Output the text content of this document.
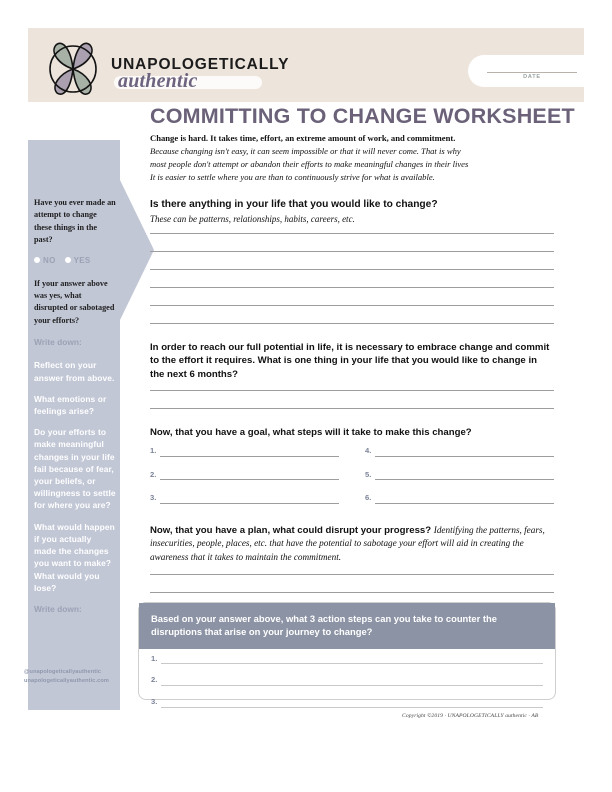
DATE
UNAPOLOGETICALLY
authentic
COMMITTING TO CHANGE WORKSHEET
Have you ever made an attempt to change these things in the past?
NO YES
If your answer above was yes, what disrupted or sabotaged your efforts?
Write down:
Reflect on your answer from above.
What emotions or feelings arise?
Do your efforts to make meaningful changes in your life fail because of fear, your beliefs, or willingness to settle for where you are?
What would happen if you actually made the changes you want to make? What would you lose?
Write down:
@unapologeticallyauthentic
unapologeticallyauthentic.com
Change is hard. It takes time, effort, an extreme amount of work, and commitment.
Because changing isn't easy, it can seem impossible or that it will never come. That is why
most people don't attempt or abandon their efforts to make meaningful changes in their lives
It is easier to settle where you are than to continuously strive for what is available.
Is there anything in your life that you would like to change?
These can be patterns, relationships, habits, careers, etc.
In order to reach our full potential in life, it is necessary to embrace change and commit to the effort it requires. What is one thing in your life that you would like to change in the next 6 months?
Now, that you have a goal, what steps will it take to make this change?
1.
2.
3.
4.
5.
6.
Now, that you have a plan, what could disrupt your progress? Identifying the patterns, fears, insecurities, people, places, etc. that have the potential to sabotage your effort will aid in creating the awareness that it takes to maintain the commitment.
Based on your answer above, what 3 action steps can you take to counter the disruptions that arise on your journey to change?
1.
2.
3.
Copyright ©2019 · UNAPOLOGETICALLY authentic · AB
